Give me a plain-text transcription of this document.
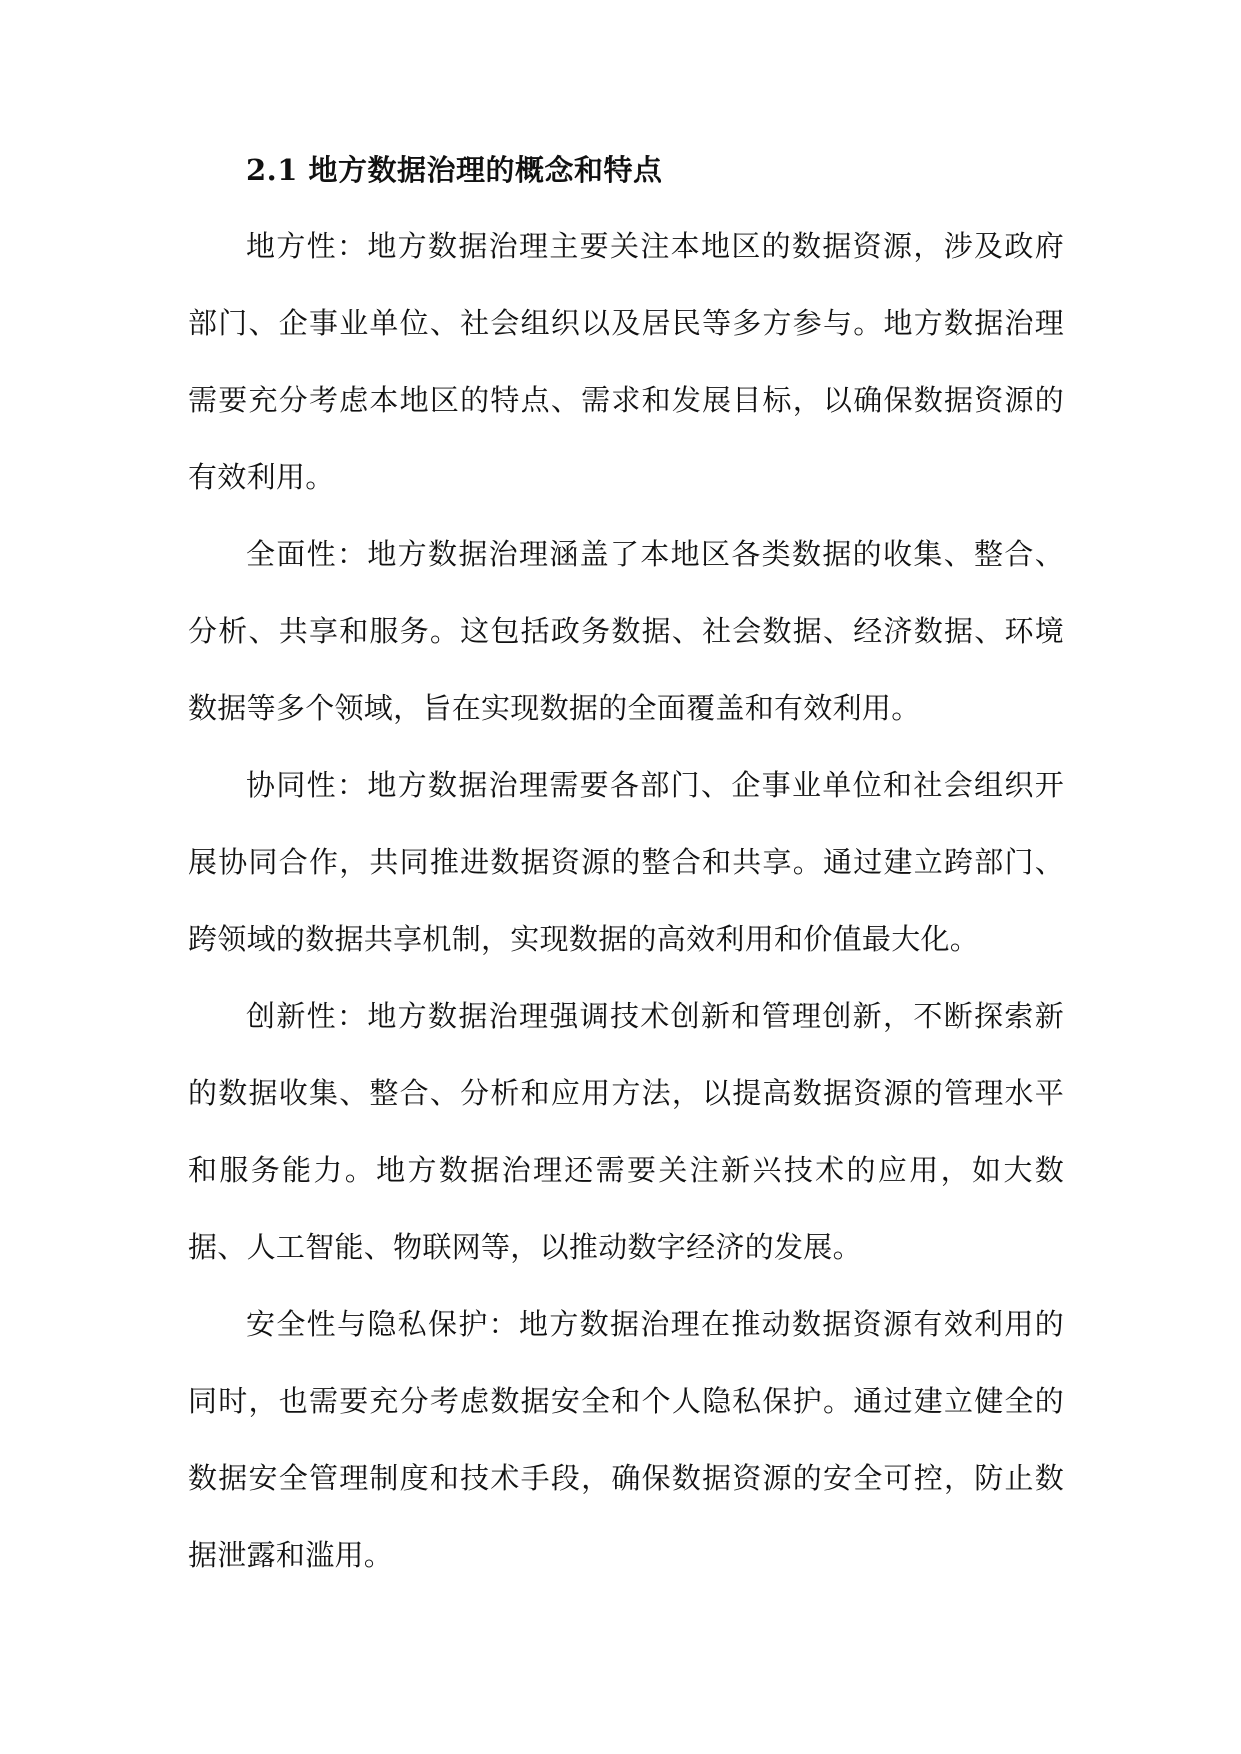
2.1 地方数据治理的概念和特点

地方性：地方数据治理主要关注本地区的数据资源，涉及政府部门、企事业单位、社会组织以及居民等多方参与。地方数据治理需要充分考虑本地区的特点、需求和发展目标，以确保数据资源的有效利用。

全面性：地方数据治理涵盖了本地区各类数据的收集、整合、分析、共享和服务。这包括政务数据、社会数据、经济数据、环境数据等多个领域，旨在实现数据的全面覆盖和有效利用。

协同性：地方数据治理需要各部门、企事业单位和社会组织开展协同合作，共同推进数据资源的整合和共享。通过建立跨部门、跨领域的数据共享机制，实现数据的高效利用和价值最大化。

创新性：地方数据治理强调技术创新和管理创新，不断探索新的数据收集、整合、分析和应用方法，以提高数据资源的管理水平和服务能力。地方数据治理还需要关注新兴技术的应用，如大数据、人工智能、物联网等，以推动数字经济的发展。

安全性与隐私保护：地方数据治理在推动数据资源有效利用的同时，也需要充分考虑数据安全和个人隐私保护。通过建立健全的数据安全管理制度和技术手段，确保数据资源的安全可控，防止数据泄露和滥用。
